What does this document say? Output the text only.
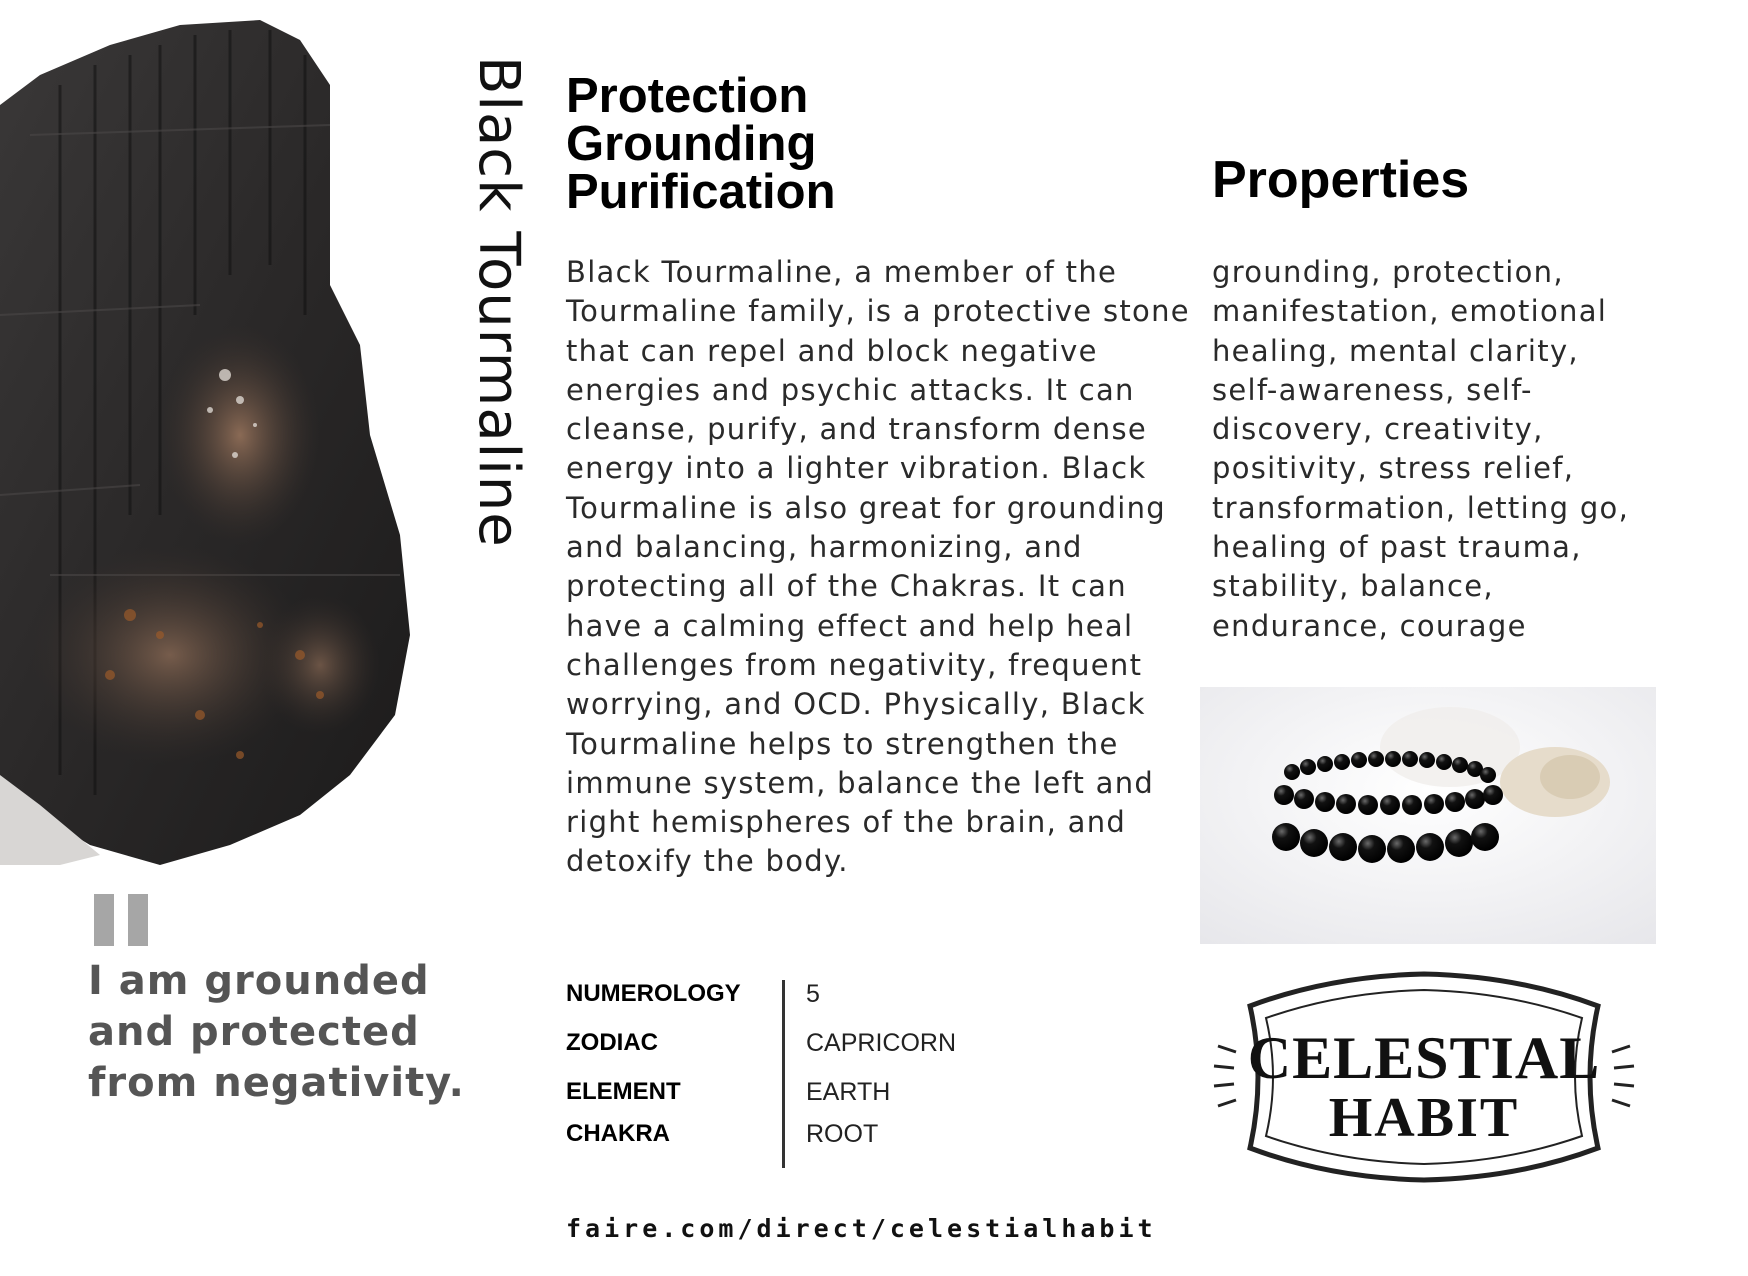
Black Tourmaline Protection
Grounding
Purification
Black Tourmaline, a member of the Tourmaline family, is a protective stone that can repel and block negative energies and psychic attacks. It can cleanse, purify, and transform dense energy into a lighter vibration. Black Tourmaline is also great for grounding and balancing, harmonizing, and protecting all of the Chakras. It can have a calming effect and help heal challenges from negativity, frequent worrying, and OCD. Physically, Black Tourmaline helps to strengthen the immune system, balance the left and right hemispheres of the brain, and detoxify the body.
Properties
grounding, protection, manifestation, emotional healing, mental clarity, self-awareness, self-discovery, creativity, positivity, stress relief, transformation, letting go, healing of past trauma, stability, balance, endurance, courage
I am grounded and protected from negativity.
NUMEROLOGY	5
ZODIAC	CAPRICORN
ELEMENT	EARTH
CHAKRA	ROOT
CELESTIAL
HABIT
faire.com/direct/celestialhabit
